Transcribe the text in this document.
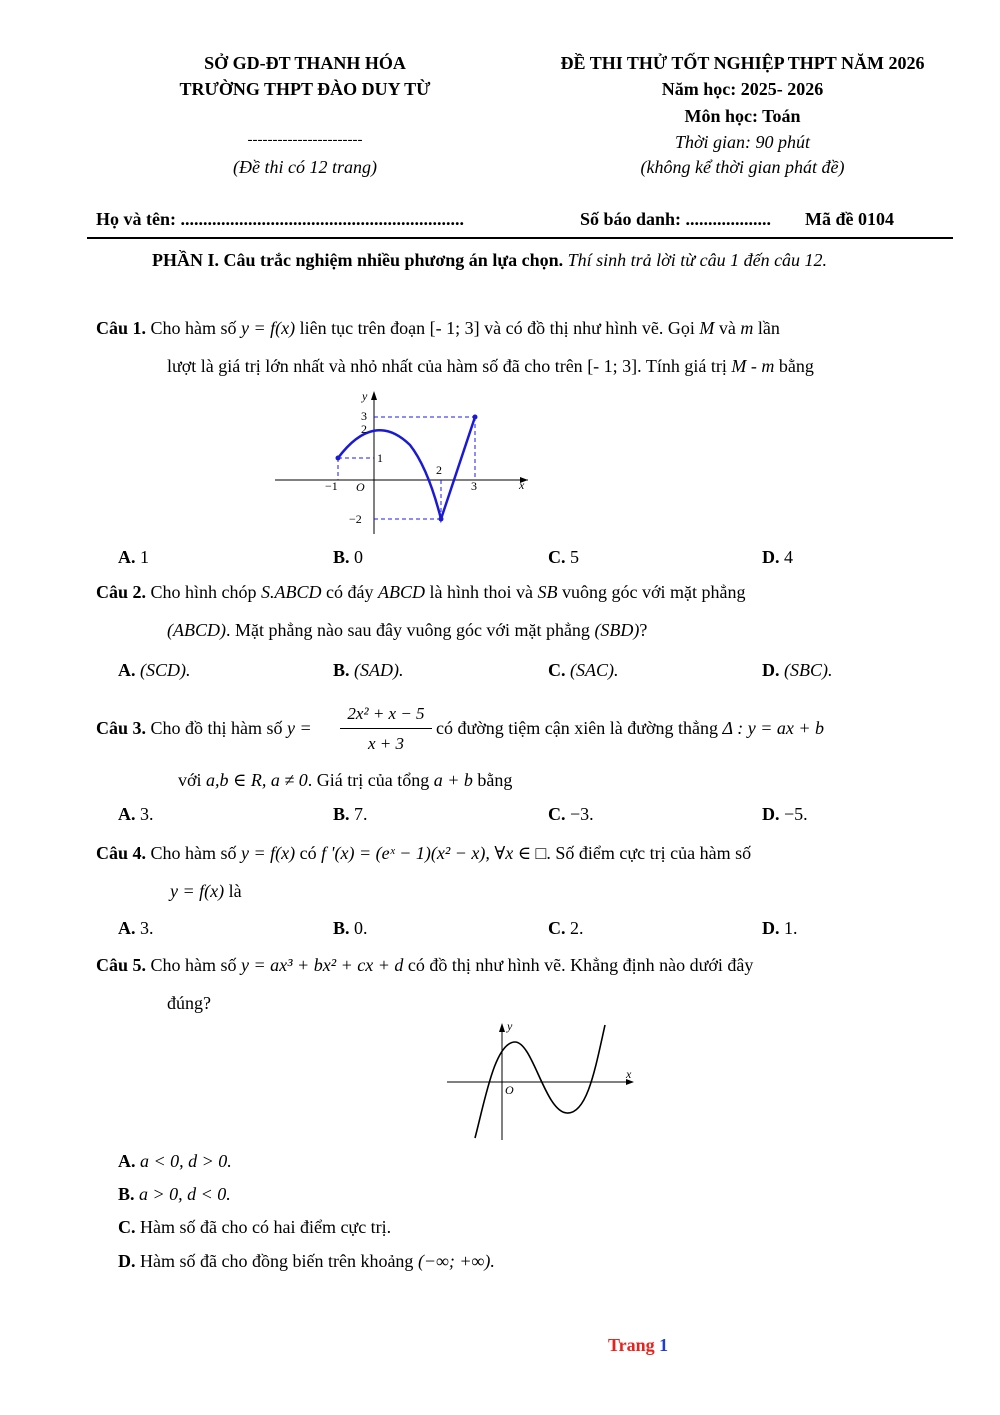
SỞ GD-ĐT THANH HÓA
TRƯỜNG THPT ĐÀO DUY TỪ
-----------------------
(Đề thi có 12 trang)
ĐỀ THI THỬ TỐT NGHIỆP THPT NĂM 2026
Năm học: 2025- 2026
Môn học: Toán
Thời gian: 90 phút
(không kể thời gian phát đề)
Họ và tên: ...............................................................	Số báo danh: ................... Mã đề 0104
PHẦN I. Câu trắc nghiệm nhiều phương án lựa chọn. Thí sinh trả lời từ câu 1 đến câu 12.
Câu 1. Cho hàm số y = f(x) liên tục trên đoạn [- 1; 3] và có đồ thị như hình vẽ. Gọi M và m lần
lượt là giá trị lớn nhất và nhỏ nhất của hàm số đã cho trên [- 1; 3]. Tính giá trị M - m bằng
y
x
O
3
2
1
−2
−1
2
3
A. 1	B. 0	C. 5	D. 4
Câu 2. Cho hình chóp S.ABCD có đáy ABCD là hình thoi và SB vuông góc với mặt phẳng
(ABCD). Mặt phẳng nào sau đây vuông góc với mặt phẳng (SBD)?
A. (SCD).	B. (SAD).	C. (SAC).	D. (SBC).
Câu 3. Cho đồ thị hàm số y =
2x² + x − 5
x + 3
có đường tiệm cận xiên là đường thẳng Δ : y = ax + b
với a,b ∈ R, a ≠ 0. Giá trị của tổng a + b bằng
A. 3.	B. 7.	C. −3.	D. −5.
Câu 4. Cho hàm số y = f(x) có f '(x) = (eˣ − 1)(x² − x), ∀x ∈ □. Số điểm cực trị của hàm số
y = f(x) là
A. 3.	B. 0.	C. 2.	D. 1.
Câu 5. Cho hàm số y = ax³ + bx² + cx + d có đồ thị như hình vẽ. Khẳng định nào dưới đây
đúng?
y
x
O
A. a < 0, d > 0.
B. a > 0, d < 0.
C. Hàm số đã cho có hai điểm cực trị.
D. Hàm số đã cho đồng biến trên khoảng (−∞; +∞).
Trang 1
